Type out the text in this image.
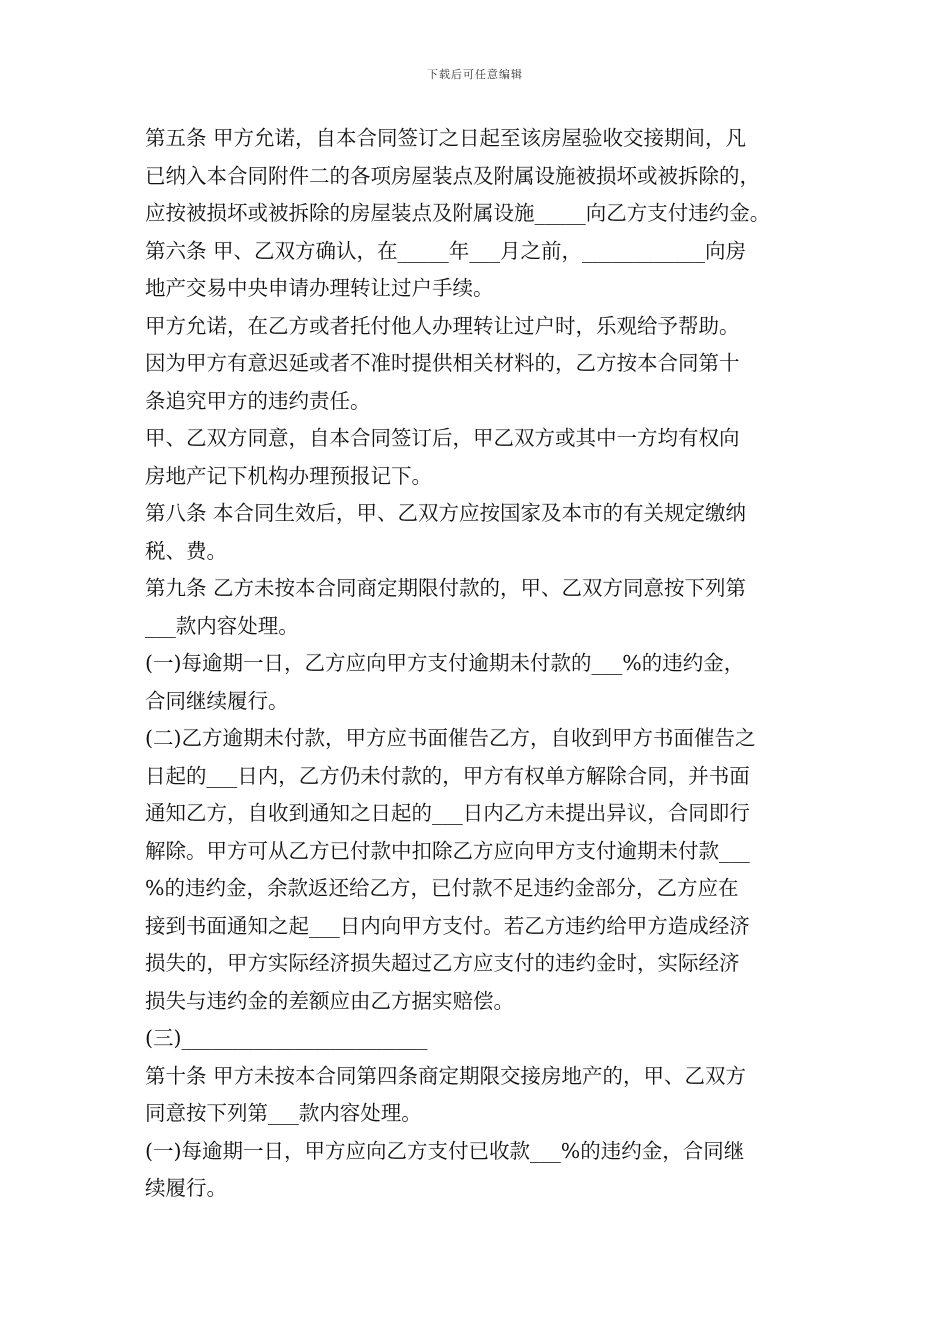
下载后可任意编辑
第五条 甲方允诺，自本合同签订之日起至该房屋验收交接期间，凡
已纳入本合同附件二的各项房屋装点及附属设施被损坏或被拆除的，
应按被损坏或被拆除的房屋装点及附属设施_____向乙方支付违约金。
第六条 甲、乙双方确认，在_____年___月之前，____________向房
地产交易中央申请办理转让过户手续。
甲方允诺，在乙方或者托付他人办理转让过户时，乐观给予帮助。
因为甲方有意迟延或者不准时提供相关材料的，乙方按本合同第十
条追究甲方的违约责任。
甲、乙双方同意，自本合同签订后，甲乙双方或其中一方均有权向
房地产记下机构办理预报记下。
第八条 本合同生效后，甲、乙双方应按国家及本市的有关规定缴纳
税、费。
第九条 乙方未按本合同商定期限付款的，甲、乙双方同意按下列第
___款内容处理。
(一)每逾期一日，乙方应向甲方支付逾期未付款的___%的违约金，
合同继续履行。
(二)乙方逾期未付款，甲方应书面催告乙方，自收到甲方书面催告之
日起的___日内，乙方仍未付款的，甲方有权单方解除合同，并书面
通知乙方，自收到通知之日起的___日内乙方未提出异议，合同即行
解除。甲方可从乙方已付款中扣除乙方应向甲方支付逾期未付款___
%的违约金，余款返还给乙方，已付款不足违约金部分，乙方应在
接到书面通知之起___日内向甲方支付。若乙方违约给甲方造成经济
损失的，甲方实际经济损失超过乙方应支付的违约金时，实际经济
损失与违约金的差额应由乙方据实赔偿。
(三)________________________
第十条 甲方未按本合同第四条商定期限交接房地产的，甲、乙双方
同意按下列第___款内容处理。
(一)每逾期一日，甲方应向乙方支付已收款___%的违约金，合同继
续履行。
